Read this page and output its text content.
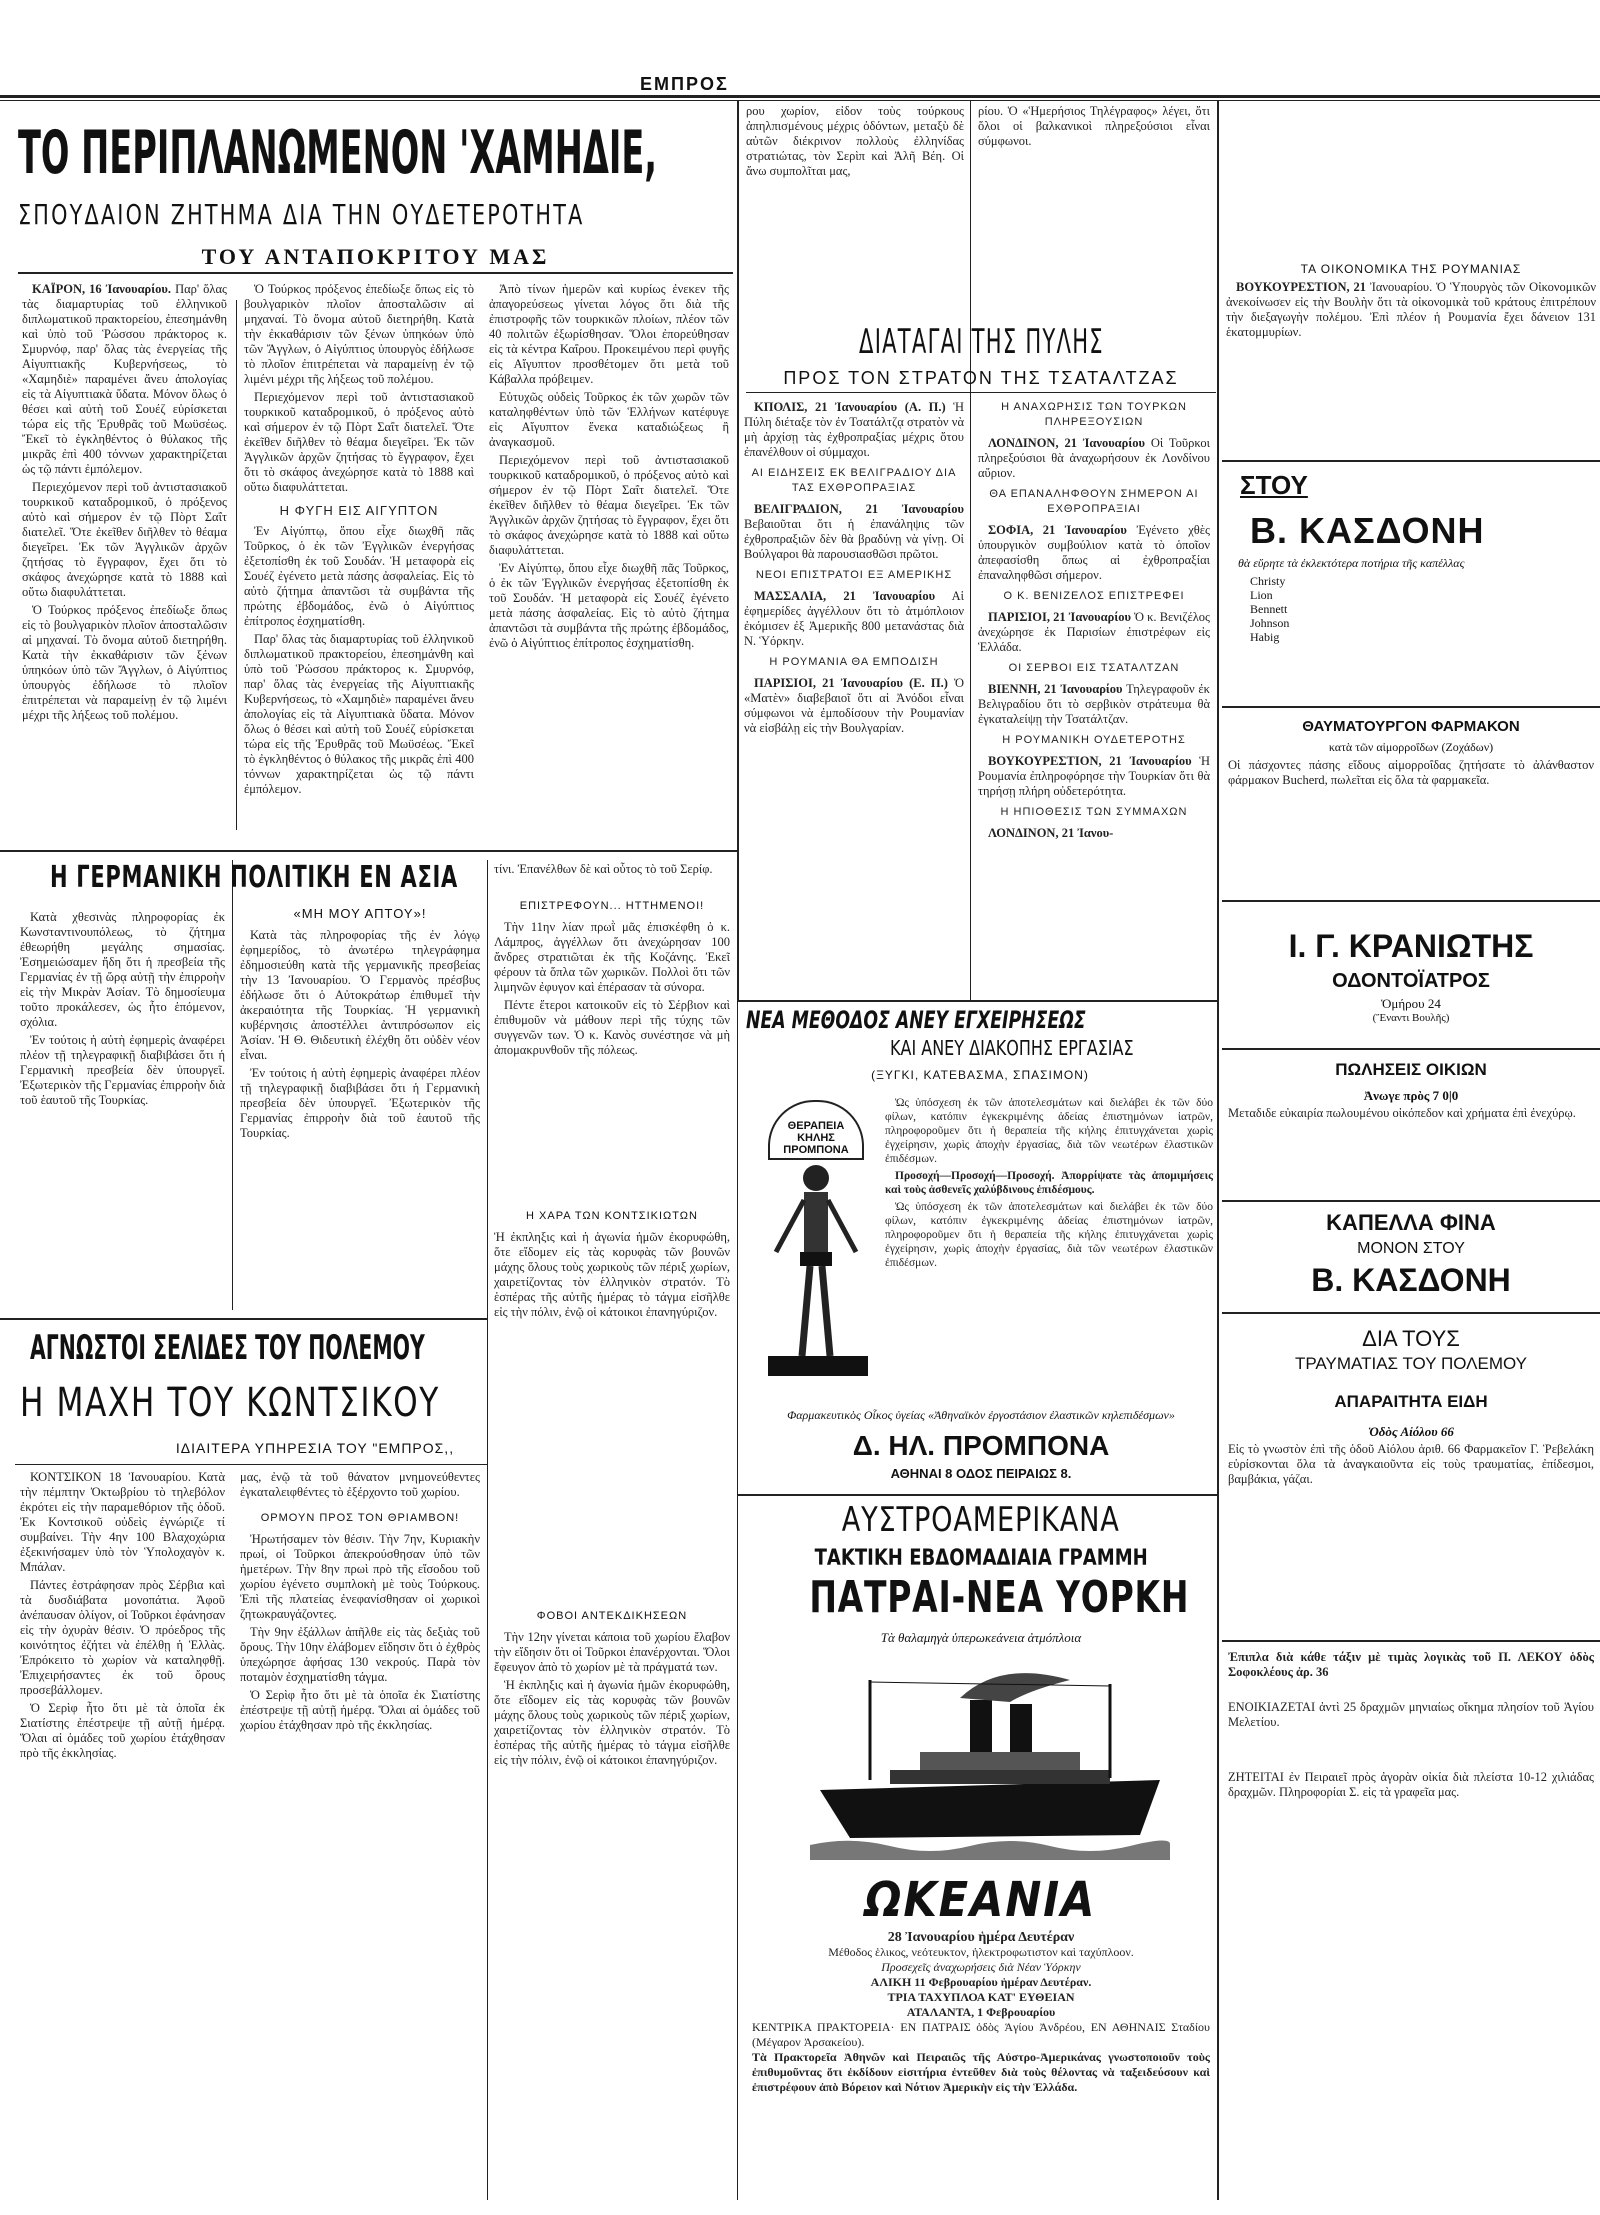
ΕΜΠΡΟΣ
ΤΟ ΠΕΡΙΠΛΑΝΩΜΕΝΟΝ 'ΧΑΜΗΔΙΕ,
ΣΠΟΥΔΑΙΟΝ ΖΗΤΗΜΑ ΔΙΑ ΤΗΝ ΟΥΔΕΤΕΡΟΤΗΤΑ
ΤΟΥ ΑΝΤΑΠΟΚΡΙΤΟΥ ΜΑΣ

ΚΑΪΡΟΝ, 16 Ἰανουαρίου. Παρ' ὅλας τὰς διαμαρτυρίας τοῦ ἑλληνικοῦ διπλωματικοῦ πρακτορείου, ἐπεσημάνθη καὶ ὑπὸ τοῦ Ῥώσσου πράκτορος κ. Σμυρνόφ, παρ' ὅλας τὰς ἐνεργείας τῆς Αἰγυπτιακῆς Κυβερνήσεως, τὸ «Χαμηδιὲ» παραμένει ἄνευ ἀπολογίας εἰς τὰ Αἰγυπτιακὰ ὕδατα. Μόνον ὅλως ὁ θέσει καὶ αὐτὴ τοῦ Σουέζ εὑρίσκεται τώρα εἰς τῆς Ἐρυθρᾶς τοῦ Μωϋσέως. Ἔκεῖ τὸ ἐγκληθέντος ὁ θύλακος τῆς μικρᾶς ἐπὶ 400 τόννων χαρακτηρίζεται ὡς τῷ πάντι ἐμπόλεμον.

Περιεχόμενον περὶ τοῦ ἀντιστασιακοῦ τουρκικοῦ καταδρομικοῦ, ὁ πρόξενος αὐτὸ καὶ σήμερον ἐν τῷ Πὸρτ Σαΐτ διατελεῖ. Ὅτε ἐκεῖθεν διῆλθεν τὸ θέαμα διεγεῖρει. Ἐκ τῶν Ἀγγλικῶν ἀρχῶν ζητήσας τὸ ἔγγραφον, ἔχει ὅτι τὸ σκάφος ἀνεχώρησε κατὰ τὸ 1888 καὶ οὕτω διαφυλάττεται.

Ὁ Τούρκος πρόξενος ἐπεδίωξε ὅπως εἰς τὸ βουλγαρικὸν πλοῖον ἀποσταλῶσιν αἱ μηχαναί. Τὸ ὄνομα αὐτοῦ διετηρήθη. Κατὰ τὴν ἐκκαθάρισιν τῶν ξένων ὑπηκόων ὑπὸ τῶν Ἄγγλων, ὁ Αἰγύπτιος ὑπουργὸς ἐδήλωσε τὸ πλοῖον ἐπιτρέπεται νὰ παραμείνῃ ἐν τῷ λιμένι μέχρι τῆς λήξεως τοῦ πολέμου.

Ὁ Τούρκος πρόξενος ἐπεδίωξε ὅπως εἰς τὸ βουλγαρικὸν πλοῖον ἀποσταλῶσιν αἱ μηχαναί. Τὸ ὄνομα αὐτοῦ διετηρήθη. Κατὰ τὴν ἐκκαθάρισιν τῶν ξένων ὑπηκόων ὑπὸ τῶν Ἄγγλων, ὁ Αἰγύπτιος ὑπουργὸς ἐδήλωσε τὸ πλοῖον ἐπιτρέπεται νὰ παραμείνῃ ἐν τῷ λιμένι μέχρι τῆς λήξεως τοῦ πολέμου.

Περιεχόμενον περὶ τοῦ ἀντιστασιακοῦ τουρκικοῦ καταδρομικοῦ, ὁ πρόξενος αὐτὸ καὶ σήμερον ἐν τῷ Πὸρτ Σαΐτ διατελεῖ. Ὅτε ἐκεῖθεν διῆλθεν τὸ θέαμα διεγεῖρει. Ἐκ τῶν Ἀγγλικῶν ἀρχῶν ζητήσας τὸ ἔγγραφον, ἔχει ὅτι τὸ σκάφος ἀνεχώρησε κατὰ τὸ 1888 καὶ οὕτω διαφυλάττεται.

Η ΦΥΓΗ ΕΙΣ ΑΙΓΥΠΤΟΝ

Ἐν Αἰγύπτῳ, ὅπου εἶχε διωχθῆ πᾶς Τοῦρκος, ὁ ἐκ τῶν Ἐγγλικῶν ἐνεργήσας ἐξετοπίσθη ἐκ τοῦ Σουδάν. Ἡ μεταφορὰ εἰς Σουέζ ἐγένετο μετὰ πάσης ἀσφαλείας. Εἰς τὸ αὐτὸ ζήτημα ἀπαντῶσι τὰ συμβάντα τῆς πρώτης ἐβδομάδος, ἐνῶ ὁ Αἰγύπτιος ἐπίτροπος ἐσχηματίσθη.

Παρ' ὅλας τὰς διαμαρτυρίας τοῦ ἑλληνικοῦ διπλωματικοῦ πρακτορείου, ἐπεσημάνθη καὶ ὑπὸ τοῦ Ῥώσσου πράκτορος κ. Σμυρνόφ, παρ' ὅλας τὰς ἐνεργείας τῆς Αἰγυπτιακῆς Κυβερνήσεως, τὸ «Χαμηδιὲ» παραμένει ἄνευ ἀπολογίας εἰς τὰ Αἰγυπτιακὰ ὕδατα. Μόνον ὅλως ὁ θέσει καὶ αὐτὴ τοῦ Σουέζ εὑρίσκεται τώρα εἰς τῆς Ἐρυθρᾶς τοῦ Μωϋσέως. Ἔκεῖ τὸ ἐγκληθέντος ὁ θύλακος τῆς μικρᾶς ἐπὶ 400 τόννων χαρακτηρίζεται ὡς τῷ πάντι ἐμπόλεμον.

Ἀπὸ τίνων ἡμερῶν καὶ κυρίως ἐνεκεν τῆς ἀπαγορεύσεως γίνεται λόγος ὅτι διὰ τῆς ἐπιστροφῆς τῶν τουρκικῶν πλοίων, πλέον τῶν 40 πολιτῶν ἐξωρίσθησαν. Ὅλοι ἐπορεύθησαν εἰς τὰ κέντρα Καΐρου. Προκειμένου περὶ φυγῆς εἰς Αἴγυπτον προσθέτομεν ὅτι μετὰ τοῦ Κάβαλλα πρόβειμεν.

Εὐτυχῶς οὐδεὶς Τοῦρκος ἐκ τῶν χωρῶν τῶν καταληφθέντων ὑπὸ τῶν Ἑλλήνων κατέφυγε εἰς Αἴγυπτον ἕνεκα καταδιώξεως ἢ ἀναγκασμοῦ.

Περιεχόμενον περὶ τοῦ ἀντιστασιακοῦ τουρκικοῦ καταδρομικοῦ, ὁ πρόξενος αὐτὸ καὶ σήμερον ἐν τῷ Πὸρτ Σαΐτ διατελεῖ. Ὅτε ἐκεῖθεν διῆλθεν τὸ θέαμα διεγεῖρει. Ἐκ τῶν Ἀγγλικῶν ἀρχῶν ζητήσας τὸ ἔγγραφον, ἔχει ὅτι τὸ σκάφος ἀνεχώρησε κατὰ τὸ 1888 καὶ οὕτω διαφυλάττεται.

Ἐν Αἰγύπτῳ, ὅπου εἶχε διωχθῆ πᾶς Τοῦρκος, ὁ ἐκ τῶν Ἐγγλικῶν ἐνεργήσας ἐξετοπίσθη ἐκ τοῦ Σουδάν. Ἡ μεταφορὰ εἰς Σουέζ ἐγένετο μετὰ πάσης ἀσφαλείας. Εἰς τὸ αὐτὸ ζήτημα ἀπαντῶσι τὰ συμβάντα τῆς πρώτης ἐβδομάδος, ἐνῶ ὁ Αἰγύπτιος ἐπίτροπος ἐσχηματίσθη.

ρου χωρίον, εἰδον τοὺς τούρκους ἀπηλπισμένους μέχρις ὀδόντων, μεταξὺ δὲ αὐτῶν διέκρινον πολλοὺς ἐλληνίδας στρατιώτας, τὸν Σερὶπ καὶ Ἀλῆ Βέη. Οἱ ἄνω συμπολῖται μας,
ρίου. Ὁ «Ἡμερήσιος Τηλέγραφος» λέγει, ὅτι ὅλοι οἱ βαλκανικοὶ πληρεξούσιοι εἶναι σύμφωνοι.
ΔΙΑΤΑΓΑΙ ΤΗΣ ΠΥΛΗΣ
ΠΡΟΣ ΤΟΝ ΣΤΡΑΤΟΝ ΤΗΣ ΤΣΑΤΑΛΤΖΑΣ

ΚΠΟΛΙΣ, 21 Ἰανουαρίου (Α. Π.) Ἡ Πύλη διέταξε τὸν ἐν Τσατάλτζᾳ στρατὸν νὰ μὴ ἀρχίσῃ τὰς ἐχθροπραξίας μέχρις ὅτου ἐπανέλθουν οἱ σύμμαχοι.

ΑΙ ΕΙΔΗΣΕΙΣ ΕΚ ΒΕΛΙΓΡΑΔΙΟΥ ΔΙΑ ΤΑΣ ΕΧΘΡΟΠΡΑΞΙΑΣ

ΒΕΛΙΓΡΑΔΙΟΝ, 21 Ἰανουαρίου Βεβαιοῦται ὅτι ἡ ἐπανάληψις τῶν ἐχθροπραξιῶν δὲν θὰ βραδύνῃ νὰ γίνῃ. Οἱ Βούλγαροι θὰ παρουσιασθῶσι πρῶτοι.

ΝΕΟΙ ΕΠΙΣΤΡΑΤΟΙ ΕΞ ΑΜΕΡΙΚΗΣ

ΜΑΣΣΑΛΙΑ, 21 Ἰανουαρίου Αἱ ἐφημερίδες ἀγγέλλουν ὅτι τὸ ἀτμόπλοιον ἐκόμισεν ἐξ Ἀμερικῆς 800 μετανάστας διὰ Ν. Ὑόρκην.

Η ΡΟΥΜΑΝΙΑ ΘΑ ΕΜΠΟΔΙΣΗ

ΠΑΡΙΣΙΟΙ, 21 Ἰανουαρίου (Ε. Π.) Ὁ «Ματὲν» διαβεβαιοῖ ὅτι αἱ Ἀνόδοι εἶναι σύμφωνοι νὰ ἐμποδίσουν τὴν Ρουμανίαν νὰ εἰσβάλῃ εἰς τὴν Βουλγαρίαν.

Η ΑΝΑΧΩΡΗΣΙΣ ΤΩΝ ΤΟΥΡΚΩΝ ΠΛΗΡΕΞΟΥΣΙΩΝ

ΛΟΝΔΙΝΟΝ, 21 Ἰανουαρίου Οἱ Τοῦρκοι πληρεξούσιοι θὰ ἀναχωρήσουν ἐκ Λονδίνου αὔριον.

ΘΑ ΕΠΑΝΑΛΗΦΘΟΥΝ ΣΗΜΕΡΟΝ ΑΙ ΕΧΘΡΟΠΡΑΞΙΑΙ

ΣΟΦΙΑ, 21 Ἰανουαρίου Ἐγένετο χθὲς ὑπουργικὸν συμβούλιον κατὰ τὸ ὁποῖον ἀπεφασίσθη ὅπως αἱ ἐχθροπραξίαι ἐπαναληφθῶσι σήμερον.

Ο Κ. ΒΕΝΙΖΕΛΟΣ ΕΠΙΣΤΡΕΦΕΙ

ΠΑΡΙΣΙΟΙ, 21 Ἰανουαρίου Ὁ κ. Βενιζέλος ἀνεχώρησε ἐκ Παρισίων ἐπιστρέφων εἰς Ἑλλάδα.

ΟΙ ΣΕΡΒΟΙ ΕΙΣ ΤΣΑΤΑΛΤΖΑΝ

ΒΙΕΝΝΗ, 21 Ἰανουαρίου Τηλεγραφοῦν ἐκ Βελιγραδίου ὅτι τὸ σερβικὸν στράτευμα θὰ ἐγκαταλείψῃ τὴν Τσατάλτζαν.

Η ΡΟΥΜΑΝΙΚΗ ΟΥΔΕΤΕΡΟΤΗΣ

ΒΟΥΚΟΥΡΕΣΤΙΟΝ, 21 Ἰανουαρίου Ἡ Ρουμανία ἐπληροφόρησε τὴν Τουρκίαν ὅτι θὰ τηρήσῃ πλήρη οὐδετερότητα.

Η ΗΠΙΟΘΕΣΙΣ ΤΩΝ ΣΥΜΜΑΧΩΝ

ΛΟΝΔΙΝΟΝ, 21 Ἰανου-

ΤΑ ΟΙΚΟΝΟΜΙΚΑ ΤΗΣ ΡΟΥΜΑΝΙΑΣ

ΒΟΥΚΟΥΡΕΣΤΙΟΝ, 21 Ἰανουαρίου. Ὁ Ὑπουργὸς τῶν Οἰκονομικῶν ἀνεκοίνωσεν εἰς τὴν Βουλὴν ὅτι τὰ οἰκονομικὰ τοῦ κράτους ἐπιτρέπουν τὴν διεξαγωγὴν πολέμου. Ἐπὶ πλέον ἡ Ρουμανία ἔχει δάνειον 131 ἑκατομμυρίων.

ΣΤΟΥ
Β. ΚΑΣΔΟΝΗ
θὰ εὕρητε τὰ ἐκλεκτότερα ποτήρια τῆς καπέλλας
Christy
Lion
Bennett
Johnson
Habig
ΘΑΥΜΑΤΟΥΡΓΟΝ ΦΑΡΜΑΚΟΝ
κατὰ τῶν αἱμορροΐδων (Ζοχάδων)
Οἱ πάσχοντες πάσης εἴδους αἱμορροΐδας ζητήσατε τὸ ἀλάνθαστον φάρμακον Bucherd, πωλεῖται εἰς ὅλα τὰ φαρμακεῖα.
Ι. Γ. ΚΡΑΝΙΩΤΗΣ
ΟΔΟΝΤΟΪΑΤΡΟΣ
Ὁμήρου 24
(Ἔναντι Βουλῆς)
ΠΩΛΗΣΕΙΣ ΟΙΚΙΩΝ
Ἀνωγε πρὸς 7 0|0
Μεταδιδε εὐκαιρία πωλουμένου οἰκόπεδον καὶ χρήματα ἐπὶ ἐνεχύρῳ.
ΚΑΠΕΛΛΑ ΦΙΝΑ
ΜΟΝΟΝ ΣΤΟΥ
Β. ΚΑΣΔΟΝΗ
ΔΙΑ ΤΟΥΣ
ΤΡΑΥΜΑΤΙΑΣ ΤΟΥ ΠΟΛΕΜΟΥ
ΑΠΑΡΑΙΤΗΤΑ ΕΙΔΗ
Ὁδὸς Αἰόλου 66
Εἰς τὸ γνωστὸν ἐπὶ τῆς ὁδοῦ Αἰόλου ἀριθ. 66 Φαρμακεῖον Γ. Ῥεβελάκη εὑρίσκονται ὅλα τὰ ἀναγκαιοῦντα εἰς τοὺς τραυματίας, ἐπίδεσμοι, βαμβάκια, γάζαι.
Ἐπιπλα διὰ κάθε τάξιν μὲ τιμὰς λογικὰς τοῦ Π. ΛΕΚΟΥ ὁδὸς Σοφοκλέους ἀρ. 36
ΕΝΟΙΚΙΑΖΕΤΑΙ ἀντὶ 25 δραχμῶν μηνιαίως οἴκημα πλησίον τοῦ Ἁγίου Μελετίου.
ΖΗΤΕΙΤΑΙ ἐν Πειραιεῖ πρὸς ἀγορὰν οἰκία διὰ πλείστα 10-12 χιλιάδας δραχμῶν. Πληροφορίαι Σ. εἰς τὰ γραφεῖα μας.
Η ΓΕΡΜΑΝΙΚΗ ΠΟΛΙΤΙΚΗ ΕΝ ΑΣΙΑ

Κατὰ χθεσινὰς πληροφορίας ἐκ Κωνσταντινουπόλεως, τὸ ζήτημα ἐθεωρήθη μεγάλης σημασίας. Ἐσημειώσαμεν ἤδη ὅτι ἡ πρεσβεία τῆς Γερμανίας ἐν τῇ ὥρᾳ αὐτῇ τὴν ἐπιρροὴν εἰς τὴν Μικρὰν Ἀσίαν. Τὸ δημοσίευμα τοῦτο προκάλεσεν, ὡς ἦτο ἑπόμενον, σχόλια.

Ἐν τούτοις ἡ αὐτὴ ἐφημερὶς ἀναφέρει πλέον τῇ τηλεγραφικῇ διαβιβάσει ὅτι ἡ Γερμανικὴ πρεσβεία δὲν ὑπουργεῖ. Ἐξωτερικὸν τῆς Γερμανίας ἐπιρροὴν διὰ τοῦ ἑαυτοῦ τῆς Τουρκίας.

«ΜΗ ΜΟΥ ΑΠΤΟΥ»!

Κατὰ τὰς πληροφορίας τῆς ἐν λόγῳ ἐφημερίδος, τὸ ἀνωτέρω τηλεγράφημα ἐδημοσιεύθη κατὰ τῆς γερμανικῆς πρεσβείας τὴν 13 Ἰανουαρίου. Ὁ Γερμανὸς πρέσβυς ἐδήλωσε ὅτι ὁ Αὐτοκράτωρ ἐπιθυμεῖ τὴν ἀκεραιότητα τῆς Τουρκίας. Ἡ γερμανικὴ κυβέρνησις ἀποστέλλει ἀντιπρόσωπον εἰς Ἀσίαν. Ἡ Θ. Θιδευτικὴ ἐλέχθη ὅτι οὐδὲν νέον εἶναι.

Ἐν τούτοις ἡ αὐτὴ ἐφημερὶς ἀναφέρει πλέον τῇ τηλεγραφικῇ διαβιβάσει ὅτι ἡ Γερμανικὴ πρεσβεία δὲν ὑπουργεῖ. Ἐξωτερικὸν τῆς Γερμανίας ἐπιρροὴν διὰ τοῦ ἑαυτοῦ τῆς Τουρκίας.

τίνι. Ἐπανέλθων δὲ καὶ οὗτος τὸ τοῦ Σερίφ.
ΕΠΙΣΤΡΕΦΟΥΝ... ΗΤΤΗΜΕΝΟΙ!

Τὴν 11ην λίαν πρωῒ μᾶς ἐπισκέφθη ὁ κ. Λάμπρος, ἀγγέλλων ὅτι ἀνεχώρησαν 100 ἄνδρες στρατιῶται ἐκ τῆς Κοζάνης. Ἐκεῖ φέρουν τὰ ὅπλα τῶν χωρικῶν. Πολλοὶ ὅτι τῶν λιμηνῶν ἐφυγον καὶ ἐπέρασαν τὰ σύνορα.

Πέντε ἕτεροι κατοικοῦν εἰς τὸ Σέρβιον καὶ ἐπιθυμοῦν νὰ μάθουν περὶ τῆς τύχης τῶν συγγενῶν των. Ὁ κ. Κανὸς συνέστησε νὰ μὴ ἀπομακρυνθοῦν τῆς πόλεως.

Η ΧΑΡΑ ΤΩΝ ΚΟΝΤΣΙΚΙΩΤΩΝ
Ἡ ἐκπληξις καὶ ἡ ἀγωνία ἡμῶν ἐκορυφώθη, ὅτε εἴδομεν εἰς τὰς κορυφὰς τῶν βουνῶν μάχης ὅλους τοὺς χωρικοὺς τῶν πέριξ χωρίων, χαιρετίζοντας τὸν ἑλληνικὸν στρατόν. Τὸ ἑσπέρας τῆς αὐτῆς ἡμέρας τὸ τάγμα εἰσῆλθε εἰς τὴν πόλιν, ἐνῷ οἱ κάτοικοι ἐπανηγύριζον.
ΦΟΒΟΙ ΑΝΤΕΚΔΙΚΗΣΕΩΝ

Τὴν 12ην γίνεται κάποια τοῦ χωρίου ἔλαβον τὴν εἴδησιν ὅτι οἱ Τοῦρκοι ἐπανέρχονται. Ὅλοι ἔφευγον ἀπὸ τὸ χωρίον μὲ τὰ πράγματά των.

Ἡ ἐκπληξις καὶ ἡ ἀγωνία ἡμῶν ἐκορυφώθη, ὅτε εἴδομεν εἰς τὰς κορυφὰς τῶν βουνῶν μάχης ὅλους τοὺς χωρικοὺς τῶν πέριξ χωρίων, χαιρετίζοντας τὸν ἑλληνικὸν στρατόν. Τὸ ἑσπέρας τῆς αὐτῆς ἡμέρας τὸ τάγμα εἰσῆλθε εἰς τὴν πόλιν, ἐνῷ οἱ κάτοικοι ἐπανηγύριζον.

ΑΓΝΩΣΤΟΙ ΣΕΛΙΔΕΣ ΤΟΥ ΠΟΛΕΜΟΥ
Η ΜΑΧΗ ΤΟΥ ΚΩΝΤΣΙΚΟΥ
ΙΔΙΑΙΤΕΡΑ ΥΠΗΡΕΣΙΑ ΤΟΥ "ΕΜΠΡΟΣ,,

ΚΟΝΤΣΙΚΟΝ 18 Ἰανουαρίου. Κατὰ τὴν πέμπτην Ὀκτωβρίου τὸ τηλεβόλον ἐκρότει εἰς τὴν παραμεθόριον τῆς ὁδοῦ. Ἐκ Κοντσικοῦ οὐδεὶς ἐγνώριζε τί συμβαίνει. Τὴν 4ην 100 Βλαχοχώρια ἐξεκινήσαμεν ὑπὸ τὸν Ὑπολοχαγὸν κ. Μπάλαν.

Πάντες ἐστράφησαν πρὸς Σέρβια καὶ τὰ δυσδιάβατα μονοπάτια. Ἀφοῦ ἀνέπαυσαν ὀλίγον, οἱ Τοῦρκοι ἐφάνησαν εἰς τὴν ὀχυρὰν θέσιν. Ὁ πρόεδρος τῆς κοινότητος ἐζήτει νὰ ἐπέλθῃ ἡ Ἑλλὰς. Ἐπρόκειτο τὸ χωρίον νὰ καταληφθῇ. Ἐπιχειρήσαντες ἐκ τοῦ ὄρους προσεβάλλομεν.

Ὁ Σερὶφ ἦτο ὅτι μὲ τὰ ὁποῖα ἐκ Σιατίστης ἐπέστρεψε τῇ αὐτῇ ἡμέρᾳ. Ὅλαι αἱ ὁμάδες τοῦ χωρίου ἐτάχθησαν πρὸ τῆς ἐκκλησίας.

μας, ἐνῷ τὰ τοῦ θάνατον μνημονεύθεντες ἐγκαταλειφθέντες τὸ ἐξέρχοντο τοῦ χωρίου.
ΟΡΜΟΥΝ ΠΡΟΣ ΤΟΝ ΘΡΙΑΜΒΟΝ!

Ἠρωτήσαμεν τὸν θέσιν. Τὴν 7ην, Κυριακὴν πρωί, οἱ Τοῦρκοι ἀπεκρούσθησαν ὑπὸ τῶν ἡμετέρων. Τὴν 8ην πρωὶ πρὸ τῆς εἴσοδου τοῦ χωρίου ἐγένετο συμπλοκὴ μὲ τοὺς Τούρκους. Ἐπὶ τῆς πλατείας ἐνεφανίσθησαν οἱ χωρικοὶ ζητωκραυγάζοντες.

Τὴν 9ην ἐξάλλων ἀπῆλθε εἰς τὰς δεξιὰς τοῦ ὄρους. Τὴν 10ην ἐλάβομεν εἴδησιν ὅτι ὁ ἐχθρὸς ὑπεχώρησε ἀφήσας 130 νεκρούς. Παρὰ τὸν ποταμὸν ἐσχηματίσθη τάγμα.

Ὁ Σερὶφ ἦτο ὅτι μὲ τὰ ὁποῖα ἐκ Σιατίστης ἐπέστρεψε τῇ αὐτῇ ἡμέρᾳ. Ὅλαι αἱ ὁμάδες τοῦ χωρίου ἐτάχθησαν πρὸ τῆς ἐκκλησίας.

ΝΕΑ ΜΕΘΟΔΟΣ ΑΝΕΥ ΕΓΧΕΙΡΗΣΕΩΣ
ΚΑΙ ΑΝΕΥ ΔΙΑΚΟΠΗΣ ΕΡΓΑΣΙΑΣ
(ΞΥΓΚΙ, ΚΑΤΕΒΑΣΜΑ, ΣΠΑΣΙΜΟΝ)
ΘΕΡΑΠΕΙΑ ΚΗΛΗΣ ΠΡΟΜΠΟΝΑ

Ὡς ὑπόσχεση ἐκ τῶν ἀποτελεσμάτων καὶ διελάβει ἐκ τῶν δύο φίλων, κατόπιν ἐγκεκριμένης ἀδείας ἐπιστημόνων ἰατρῶν, πληροφοροῦμεν ὅτι ἡ θεραπεία τῆς κήλης ἐπιτυγχάνεται χωρὶς ἐγχείρησιν, χωρὶς ἀποχὴν ἐργασίας, διὰ τῶν νεωτέρων ἐλαστικῶν ἐπιδέσμων.

Προσοχή—Προσοχή—Προσοχή. Ἀπορρίψατε τὰς ἀπομιμήσεις καὶ τοὺς ἀσθενεῖς χαλύβδινους ἐπιδέσμους.

Ὡς ὑπόσχεση ἐκ τῶν ἀποτελεσμάτων καὶ διελάβει ἐκ τῶν δύο φίλων, κατόπιν ἐγκεκριμένης ἀδείας ἐπιστημόνων ἰατρῶν, πληροφοροῦμεν ὅτι ἡ θεραπεία τῆς κήλης ἐπιτυγχάνεται χωρὶς ἐγχείρησιν, χωρὶς ἀποχὴν ἐργασίας, διὰ τῶν νεωτέρων ἐλαστικῶν ἐπιδέσμων.

Φαρμακευτικὸς Οἶκος ὑγείας «Ἀθηναϊκὸν ἐργοστάσιον ἐλαστικῶν κηλεπιδέσμων»
Δ. ΗΛ. ΠΡΟΜΠΟΝΑ
ΑΘΗΝΑΙ 8 ΟΔΟΣ ΠΕΙΡΑΙΩΣ 8.
ΑΥΣΤΡΟΑΜΕΡΙΚΑΝΑ
ΤΑΚΤΙΚΗ ΕΒΔΟΜΑΔΙΑΙΑ ΓΡΑΜΜΗ
ΠΑΤΡΑΙ-ΝΕΑ ΥΟΡΚΗ
Τὰ θαλαμηγὰ ὑπερωκεάνεια ἀτμόπλοια
ΩΚΕΑΝΙΑ
28 Ἰανουαρίου ἡμέρα Δευτέραν
Μέθοδος ἑλικος, νεότευκτον, ἠλεκτροφωτιστον καὶ ταχύπλοον.
Προσεχεῖς ἀναχωρήσεις διὰ Νέαν Ὑόρκην
ΑΛΙΚΗ 11 Φεβρουαρίου ἡμέραν Δευτέραν.
ΤΡΙΑ ΤΑΧΥΠΛΟΑ ΚΑΤ' ΕΥΘΕΙΑΝ
ΑΤΑΛΑΝΤΑ, 1 Φεβρουαρίου
ΚΕΝΤΡΙΚΑ ΠΡΑΚΤΟΡΕΙΑ· ΕΝ ΠΑΤΡΑΙΣ ὁδὸς Ἁγίου Ἀνδρέου, ΕΝ ΑΘΗΝΑΙΣ Σταδίου (Μέγαρον Ἀρσακείου).
Τὰ Πρακτορεῖα Ἀθηνῶν καὶ Πειραιῶς τῆς Αὐστρο-Ἀμερικάνας γνωστοποιοῦν τοὺς ἐπιθυμοῦντας ὅτι ἐκδίδουν εἰσιτήρια ἐντεῦθεν διὰ τοὺς θέλοντας νὰ ταξειδεύσουν καὶ ἐπιστρέφουν ἀπὸ Βόρειον καὶ Νότιον Ἀμερικὴν εἰς τὴν Ἑλλάδα.
